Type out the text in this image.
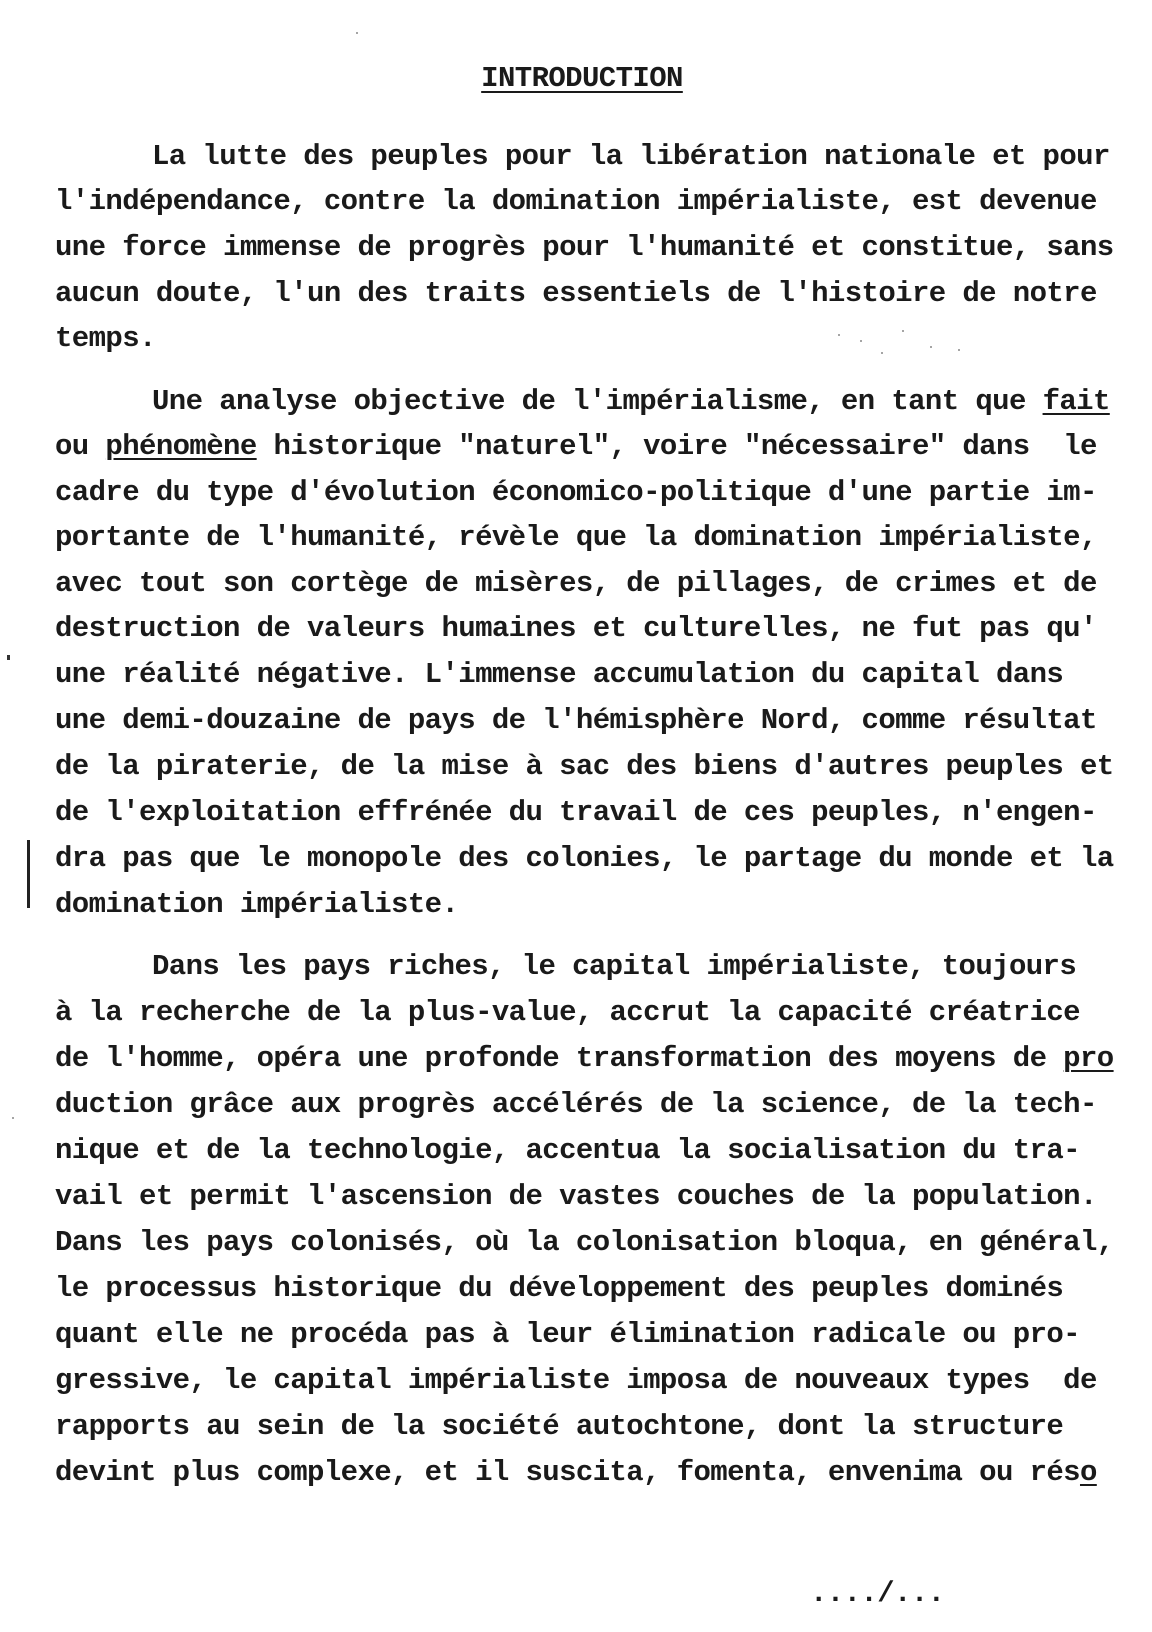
INTRODUCTION
La lutte des peuples pour la libération nationale et pour
l'indépendance, contre la domination impérialiste, est devenue
une force immense de progrès pour l'humanité et constitue, sans
aucun doute, l'un des traits essentiels de l'histoire de notre
temps.
Une analyse objective de l'impérialisme, en tant que fait
ou phénomène historique "naturel", voire "nécessaire" dans  le
cadre du type d'évolution économico-politique d'une partie im-
portante de l'humanité, révèle que la domination impérialiste,
avec tout son cortège de misères, de pillages, de crimes et de
destruction de valeurs humaines et culturelles, ne fut pas qu'
une réalité négative. L'immense accumulation du capital dans
une demi-douzaine de pays de l'hémisphère Nord, comme résultat
de la piraterie, de la mise à sac des biens d'autres peuples et
de l'exploitation effrénée du travail de ces peuples, n'engen-
dra pas que le monopole des colonies, le partage du monde et la
domination impérialiste.
Dans les pays riches, le capital impérialiste, toujours
à la recherche de la plus-value, accrut la capacité créatrice
de l'homme, opéra une profonde transformation des moyens de pro
duction grâce aux progrès accélérés de la science, de la tech-
nique et de la technologie, accentua la socialisation du tra-
vail et permit l'ascension de vastes couches de la population.
Dans les pays colonisés, où la colonisation bloqua, en général,
le processus historique du développement des peuples dominés
quant elle ne procéda pas à leur élimination radicale ou pro-
gressive, le capital impérialiste imposa de nouveaux types  de
rapports au sein de la société autochtone, dont la structure
devint plus complexe, et il suscita, fomenta, envenima ou réso
..../...
